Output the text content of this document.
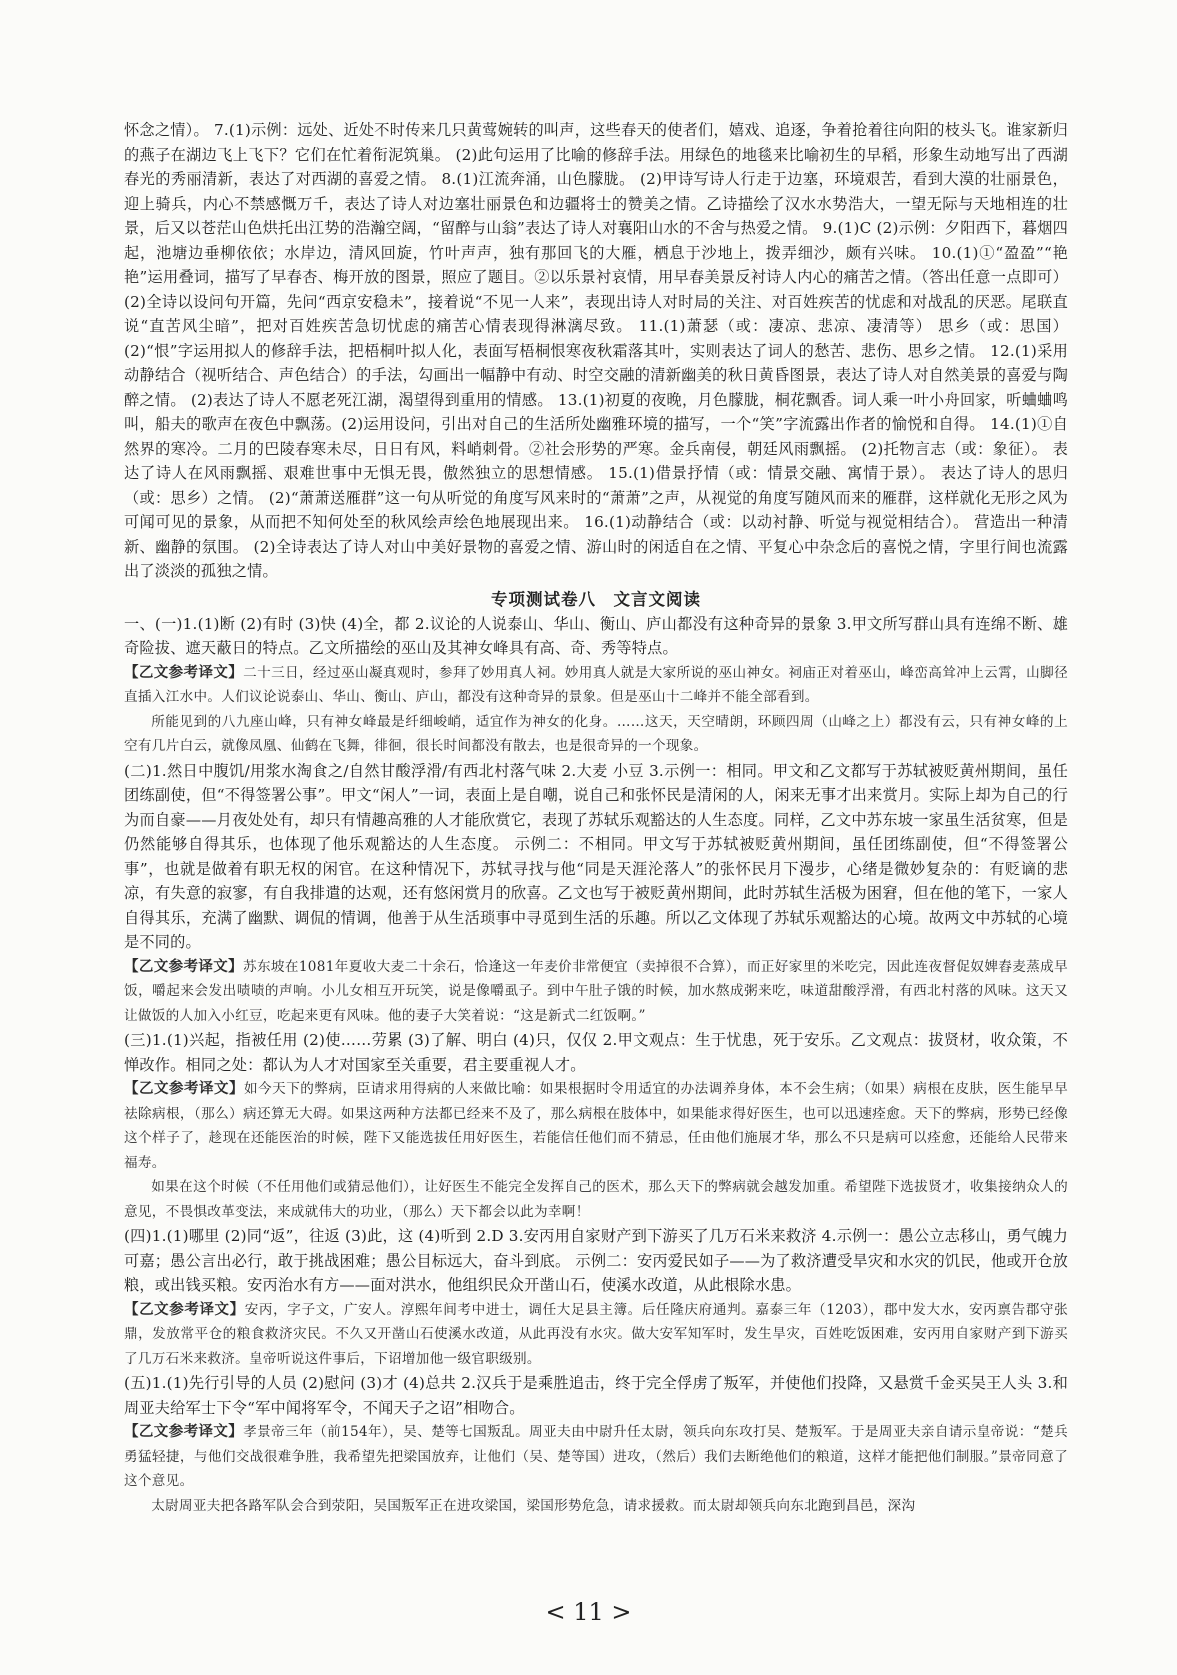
怀念之情）。 7.(1)示例：远处、近处不时传来几只黄莺婉转的叫声，这些春天的使者们，嬉戏、追逐，争着抢着往向阳的枝头飞。谁家新归的燕子在湖边飞上飞下？它们在忙着衔泥筑巢。 (2)此句运用了比喻的修辞手法。用绿色的地毯来比喻初生的早稻，形象生动地写出了西湖春光的秀丽清新，表达了对西湖的喜爱之情。 8.(1)江流奔涌，山色朦胧。 (2)甲诗写诗人行走于边塞，环境艰苦，看到大漠的壮丽景色，迎上骑兵，内心不禁感慨万千，表达了诗人对边塞壮丽景色和边疆将士的赞美之情。乙诗描绘了汉水水势浩大，一望无际与天地相连的壮景，后又以苍茫山色烘托出江势的浩瀚空阔，“留醉与山翁”表达了诗人对襄阳山水的不舍与热爱之情。 9.(1)C (2)示例：夕阳西下，暮烟四起，池塘边垂柳依依；水岸边，清风回旋，竹叶声声，独有那回飞的大雁，栖息于沙地上，拨弄细沙，颇有兴味。 10.(1)①“盈盈”“艳艳”运用叠词，描写了早春杏、梅开放的图景，照应了题目。②以乐景衬哀情，用早春美景反衬诗人内心的痛苦之情。（答出任意一点即可） (2)全诗以设问句开篇，先问“西京安稳未”，接着说“不见一人来”，表现出诗人对时局的关注、对百姓疾苦的忧虑和对战乱的厌恶。尾联直说“直苦风尘暗”，把对百姓疾苦急切忧虑的痛苦心情表现得淋漓尽致。 11.(1)萧瑟（或：凄凉、悲凉、凄清等） 思乡（或：思国） (2)“恨”字运用拟人的修辞手法，把梧桐叶拟人化，表面写梧桐恨寒夜秋霜落其叶，实则表达了词人的愁苦、悲伤、思乡之情。 12.(1)采用动静结合（视听结合、声色结合）的手法，勾画出一幅静中有动、时空交融的清新幽美的秋日黄昏图景，表达了诗人对自然美景的喜爱与陶醉之情。 (2)表达了诗人不愿老死江湖，渴望得到重用的情感。 13.(1)初夏的夜晚，月色朦胧，桐花飘香。词人乘一叶小舟回家，听蛐蛐鸣叫，船夫的歌声在夜色中飘荡。(2)运用设问，引出对自己的生活所处幽雅环境的描写，一个“笑”字流露出作者的愉悦和自得。 14.(1)①自然界的寒冷。二月的巴陵春寒未尽，日日有风，料峭刺骨。②社会形势的严寒。金兵南侵，朝廷风雨飘摇。 (2)托物言志（或：象征）。 表达了诗人在风雨飘摇、艰难世事中无惧无畏，傲然独立的思想情感。 15.(1)借景抒情（或：情景交融、寓情于景）。 表达了诗人的思归（或：思乡）之情。 (2)“萧萧送雁群”这一句从听觉的角度写风来时的“萧萧”之声，从视觉的角度写随风而来的雁群，这样就化无形之风为可闻可见的景象，从而把不知何处至的秋风绘声绘色地展现出来。 16.(1)动静结合（或：以动衬静、听觉与视觉相结合）。 营造出一种清新、幽静的氛围。 (2)全诗表达了诗人对山中美好景物的喜爱之情、游山时的闲适自在之情、平复心中杂念后的喜悦之情，字里行间也流露出了淡淡的孤独之情。

专项测试卷八　文言文阅读

一、(一)1.(1)断 (2)有时 (3)快 (4)全，都 2.议论的人说泰山、华山、衡山、庐山都没有这种奇异的景象 3.甲文所写群山具有连绵不断、雄奇险拔、遮天蔽日的特点。乙文所描绘的巫山及其神女峰具有高、奇、秀等特点。

【乙文参考译文】二十三日，经过巫山凝真观时，参拜了妙用真人祠。妙用真人就是大家所说的巫山神女。祠庙正对着巫山，峰峦高耸冲上云霄，山脚径直插入江水中。人们议论说泰山、华山、衡山、庐山，都没有这种奇异的景象。但是巫山十二峰并不能全部看到。

所能见到的八九座山峰，只有神女峰最是纤细峻峭，适宜作为神女的化身。……这天，天空晴朗，环顾四周（山峰之上）都没有云，只有神女峰的上空有几片白云，就像凤凰、仙鹤在飞舞，徘徊，很长时间都没有散去，也是很奇异的一个现象。

(二)1.然日中腹饥/用浆水淘食之/自然甘酸浮滑/有西北村落气味 2.大麦 小豆 3.示例一：相同。甲文和乙文都写于苏轼被贬黄州期间，虽任团练副使，但“不得签署公事”。甲文“闲人”一词，表面上是自嘲，说自己和张怀民是清闲的人，闲来无事才出来赏月。实际上却为自己的行为而自豪——月夜处处有，却只有情趣高雅的人才能欣赏它，表现了苏轼乐观豁达的人生态度。同样，乙文中苏东坡一家虽生活贫寒，但是仍然能够自得其乐，也体现了他乐观豁达的人生态度。 示例二：不相同。甲文写于苏轼被贬黄州期间，虽任团练副使，但“不得签署公事”，也就是做着有职无权的闲官。在这种情况下，苏轼寻找与他“同是天涯沦落人”的张怀民月下漫步，心绪是微妙复杂的：有贬谪的悲凉，有失意的寂寥，有自我排遣的达观，还有悠闲赏月的欣喜。乙文也写于被贬黄州期间，此时苏轼生活极为困窘，但在他的笔下，一家人自得其乐，充满了幽默、调侃的情调，他善于从生活琐事中寻觅到生活的乐趣。所以乙文体现了苏轼乐观豁达的心境。故两文中苏轼的心境是不同的。

【乙文参考译文】苏东坡在1081年夏收大麦二十余石，恰逢这一年麦价非常便宜（卖掉很不合算），而正好家里的米吃完，因此连夜督促奴婢舂麦蒸成早饭，嚼起来会发出啧啧的声响。小儿女相互开玩笑，说是像嚼虱子。到中午肚子饿的时候，加水熬成粥来吃，味道甜酸浮滑，有西北村落的风味。这天又让做饭的人加入小红豆，吃起来更有风味。他的妻子大笑着说：“这是新式二红饭啊。”

(三)1.(1)兴起，指被任用 (2)使……劳累 (3)了解、明白 (4)只，仅仅 2.甲文观点：生于忧患，死于安乐。乙文观点：拔贤材，收众策，不惮改作。相同之处：都认为人才对国家至关重要，君主要重视人才。

【乙文参考译文】如今天下的弊病，臣请求用得病的人来做比喻：如果根据时令用适宜的办法调养身体，本不会生病；（如果）病根在皮肤，医生能早早祛除病根，（那么）病还算无大碍。如果这两种方法都已经来不及了，那么病根在肢体中，如果能求得好医生，也可以迅速痊愈。天下的弊病，形势已经像这个样子了，趁现在还能医治的时候，陛下又能选拔任用好医生，若能信任他们而不猜忌，任由他们施展才华，那么不只是病可以痊愈，还能给人民带来福寿。

如果在这个时候（不任用他们或猜忌他们），让好医生不能完全发挥自己的医术，那么天下的弊病就会越发加重。希望陛下选拔贤才，收集接纳众人的意见，不畏惧改革变法，来成就伟大的功业，（那么）天下都会以此为幸啊！

(四)1.(1)哪里 (2)同“返”，往返 (3)此，这 (4)听到 2.D 3.安丙用自家财产到下游买了几万石米来救济 4.示例一：愚公立志移山，勇气魄力可嘉；愚公言出必行，敢于挑战困难；愚公目标远大，奋斗到底。 示例二：安丙爱民如子——为了救济遭受旱灾和水灾的饥民，他或开仓放粮，或出钱买粮。安丙治水有方——面对洪水，他组织民众开凿山石，使溪水改道，从此根除水患。

【乙文参考译文】安丙，字子文，广安人。淳熙年间考中进士，调任大足县主簿。后任隆庆府通判。嘉泰三年（1203），郡中发大水，安丙禀告郡守张鼎，发放常平仓的粮食救济灾民。不久又开凿山石使溪水改道，从此再没有水灾。做大安军知军时，发生旱灾，百姓吃饭困难，安丙用自家财产到下游买了几万石米来救济。皇帝听说这件事后，下诏增加他一级官职级别。

(五)1.(1)先行引导的人员 (2)慰问 (3)才 (4)总共 2.汉兵于是乘胜追击，终于完全俘虏了叛军，并使他们投降，又悬赏千金买吴王人头 3.和周亚夫给军士下令“军中闻将军令，不闻天子之诏”相吻合。

【乙文参考译文】孝景帝三年（前154年），吴、楚等七国叛乱。周亚夫由中尉升任太尉，领兵向东攻打吴、楚叛军。于是周亚夫亲自请示皇帝说：“楚兵勇猛轻捷，与他们交战很难争胜，我希望先把梁国放弃，让他们（吴、楚等国）进攻，（然后）我们去断绝他们的粮道，这样才能把他们制服。”景帝同意了这个意见。

太尉周亚夫把各路军队会合到荥阳，吴国叛军正在进攻梁国，梁国形势危急，请求援救。而太尉却领兵向东北跑到昌邑，深沟

< 11 >
